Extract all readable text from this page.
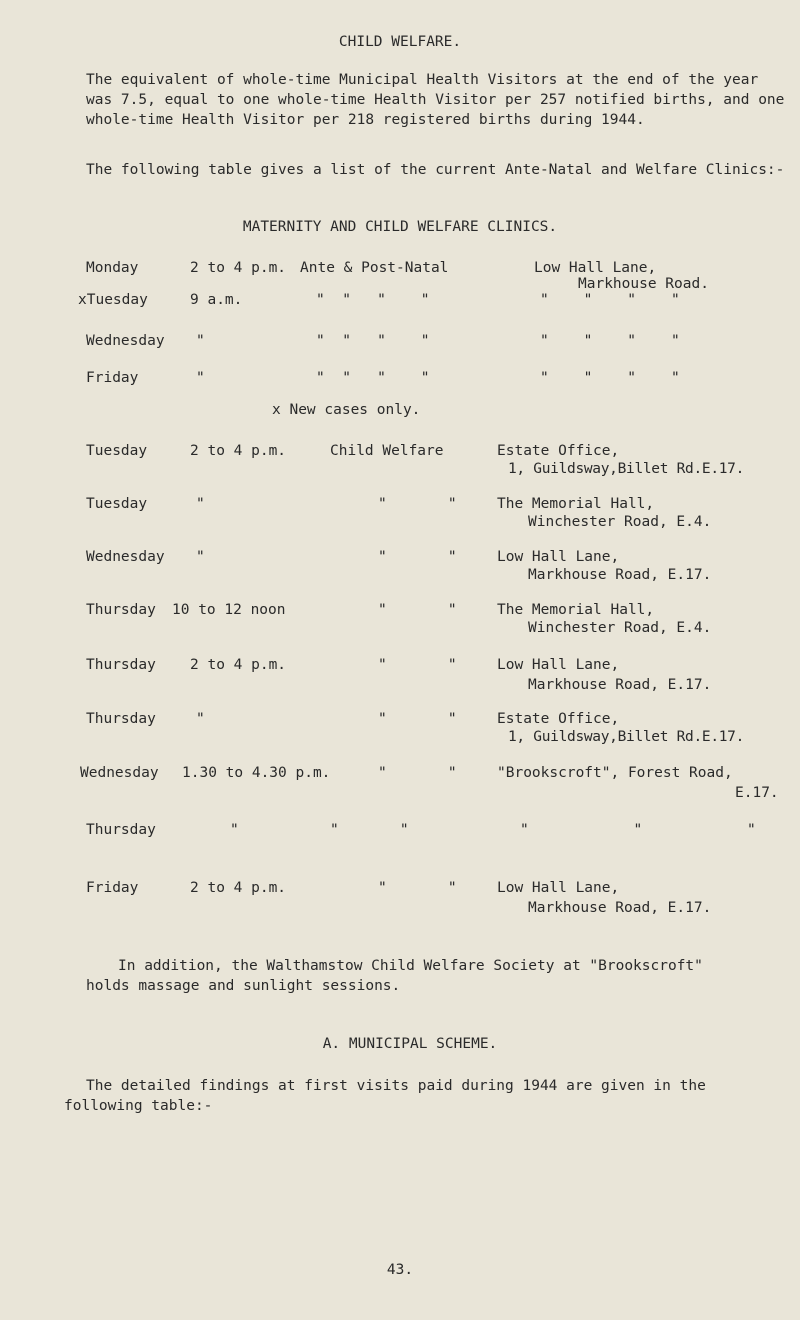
CHILD WELFARE.
The equivalent of whole-time Municipal Health Visitors at the end of the year was 7.5, equal to one whole-time Health Visitor per 257 notified births, and one whole-time Health Visitor per 218 registered births during 1944.
The following table gives a list of the current Ante-Natal and Welfare Clinics:-
MATERNITY AND CHILD WELFARE CLINICS.
Monday	2 to 4 p.m. Ante & Post-Natal	Low Hall Lane,
Markhouse Road.
xTuesday	9 a.m.	"  "   "    "	"    "    "    "
Wednesday "	"  "   "    "	"    "    "    "
Friday	"	"  "   "    "	"    "    "    "
x New cases only.
Tuesday	2 to 4 p.m.	Child Welfare	Estate Office,
1, Guildsway,Billet Rd.E.17.
Tuesday	"	"       "	The Memorial Hall,
Winchester Road, E.4.
Wednesday "	"       "	Low Hall Lane,
Markhouse Road, E.17.
Thursday 10 to 12 noon	"       "	The Memorial Hall,
Winchester Road, E.4.
Thursday 2 to 4 p.m.	"       "	Low Hall Lane,
Markhouse Road, E.17.
Thursday	"	"       "	Estate Office,
1, Guildsway,Billet Rd.E.17.
Wednesday 1.30 to 4.30 p.m.	"       "	"Brookscroft", Forest Road,
E.17.
Thursday	"	"       "	"            "            "
Friday	2 to 4 p.m.	"       "	Low Hall Lane,
Markhouse Road, E.17.
In addition, the Walthamstow Child Welfare Society at "Brookscroft" holds massage and sunlight sessions.
A. MUNICIPAL SCHEME.
The detailed findings at first visits paid during 1944 are given in the following table:-
43.
